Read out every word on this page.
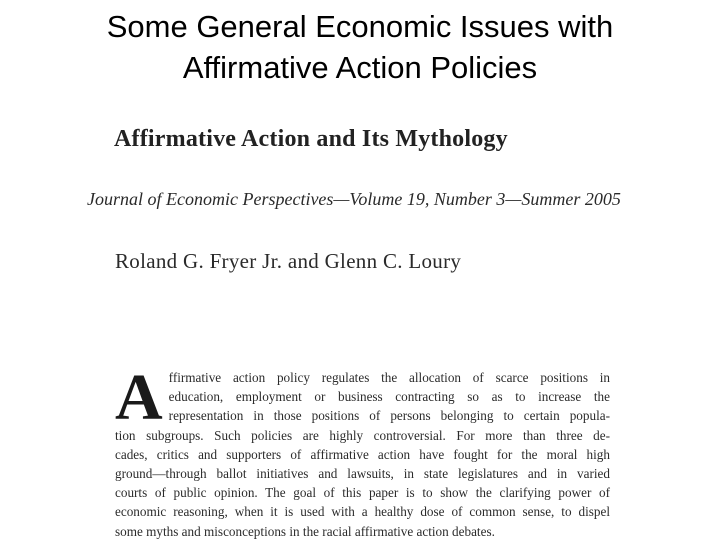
Some General Economic Issues with
Affirmative Action Policies
Affirmative Action and Its Mythology
Journal of Economic Perspectives—Volume 19, Number 3—Summer 2005
Roland G. Fryer Jr. and Glenn C. Loury
A ffirmative action policy regulates the allocation of scarce positions in
education, employment or business contracting so as to increase the
representation in those positions of persons belonging to certain popula-
tion subgroups. Such policies are highly controversial. For more than three de-
cades, critics and supporters of affirmative action have fought for the moral high
ground—through ballot initiatives and lawsuits, in state legislatures and in varied
courts of public opinion. The goal of this paper is to show the clarifying power of
economic reasoning, when it is used with a healthy dose of common sense, to dispel
some myths and misconceptions in the racial affirmative action debates.
